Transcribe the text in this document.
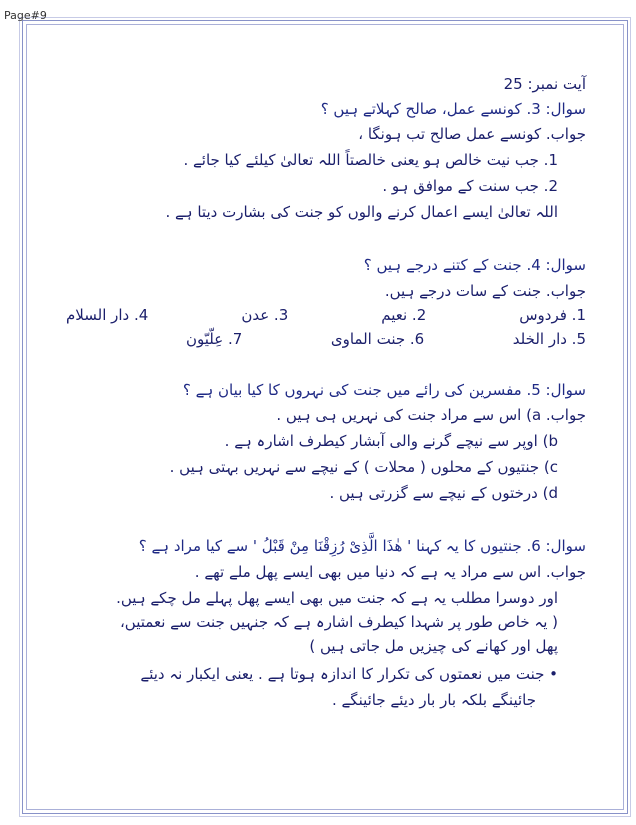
Page#9
آیت نمبر: 25
سوال: 3. کونسے عمل، صالح کہلاتے ہیں ؟
جواب. کونسے عمل صالح تب ہونگا ،
1. جب نیت خالص ہو یعنی خالصتاً اللہ تعالیٰ کیلئے کیا جائے .
2. جب سنت کے موافق ہو .
اللہ تعالیٰ ایسے اعمال کرنے والوں کو جنت کی بشارت دیتا ہے .
سوال: 4. جنت کے کتنے درجے ہیں ؟
جواب. جنت کے سات درجے ہیں.
1. فردوس
2. نعیم
3. عدن
4. دار السلام
5. دار الخلد
6. جنت الماوی
7. عِلّیّون
سوال: 5. مفسرین کی رائے میں جنت کی نہروں کا کیا بیان ہے ؟
جواب. a) اس سے مراد جنت کی نہریں ہی ہیں .
b) اوپر سے نیچے گرنے والی آبشار کیطرف اشارہ ہے .
c) جنتیوں کے محلوں ( محلات ) کے نیچے سے نہریں بہتی ہیں .
d) درختوں کے نیچے سے گزرتی ہیں .
سوال: 6. جنتیوں کا یہ کہنا ' ھٰذَا الَّذِیْ رُزِقْنَا مِنْ قَبْلُ ' سے کیا مراد ہے ؟
جواب. اس سے مراد یہ ہے کہ دنیا میں بھی ایسے پھل ملے تھے .
اور دوسرا مطلب یہ ہے کہ جنت میں بھی ایسے پھل پہلے مل چکے ہیں.
( یہ خاص طور پر شہدا کیطرف اشارہ ہے کہ جنہیں جنت سے نعمتیں،
پھل اور کھانے کی چیزیں مل جاتی ہیں )
• جنت میں نعمتوں کی تکرار کا اندازہ ہوتا ہے . یعنی ایکبار نہ دیئے
جائینگے بلکہ بار بار دیئے جائینگے .
